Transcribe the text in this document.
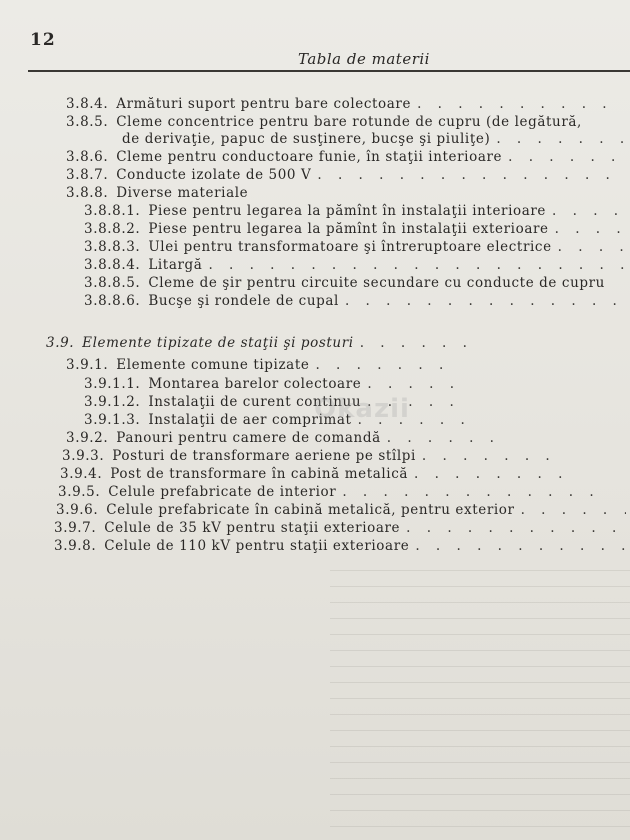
12
Tabla de materii
3.8.4. Armături suport pentru bare colectoare
. . .
3.8.5. Cleme concentrice pentru bare rotunde de cupru (de legătură,
de derivaţie, papuc de susţinere, bucşe şi piuliţe)
. . .
3.8.6. Cleme pentru conductoare funie, în staţii interioare
. . .
3.8.7. Conducte izolate de 500 V
. . .
3.8.8. Diverse materiale
3.8.8.1. Piese pentru legarea la pămînt în instalaţii interioare
. . .
3.8.8.2. Piese pentru legarea la pămînt în instalaţii exterioare
. . .
3.8.8.3. Ulei pentru transformatoare şi întreruptoare electrice
. . .
3.8.8.4. Litargă
. . .
3.8.8.5. Cleme de şir pentru circuite secundare cu conducte de cupru
3.8.8.6. Bucşe şi rondele de cupal
. . .
3.9. Elemente tipizate de staţii şi posturi
. . .
3.9.1. Elemente comune tipizate
. . .
3.9.1.1. Montarea barelor colectoare
. . .
3.9.1.2. Instalaţii de curent continuu
. . .
3.9.1.3. Instalaţii de aer comprimat
. . .
3.9.2. Panouri pentru camere de comandă
. . .
3.9.3. Posturi de transformare aeriene pe stîlpi
. . .
3.9.4. Post de transformare în cabină metalică
. . .
3.9.5. Celule prefabricate de interior
. . .
3.9.6. Celule prefabricate în cabină metalică, pentru exterior
. . .
3.9.7. Celule de 35 kV pentru staţii exterioare
. . .
3.9.8. Celule de 110 kV pentru staţii exterioare
. . .
Okazii
